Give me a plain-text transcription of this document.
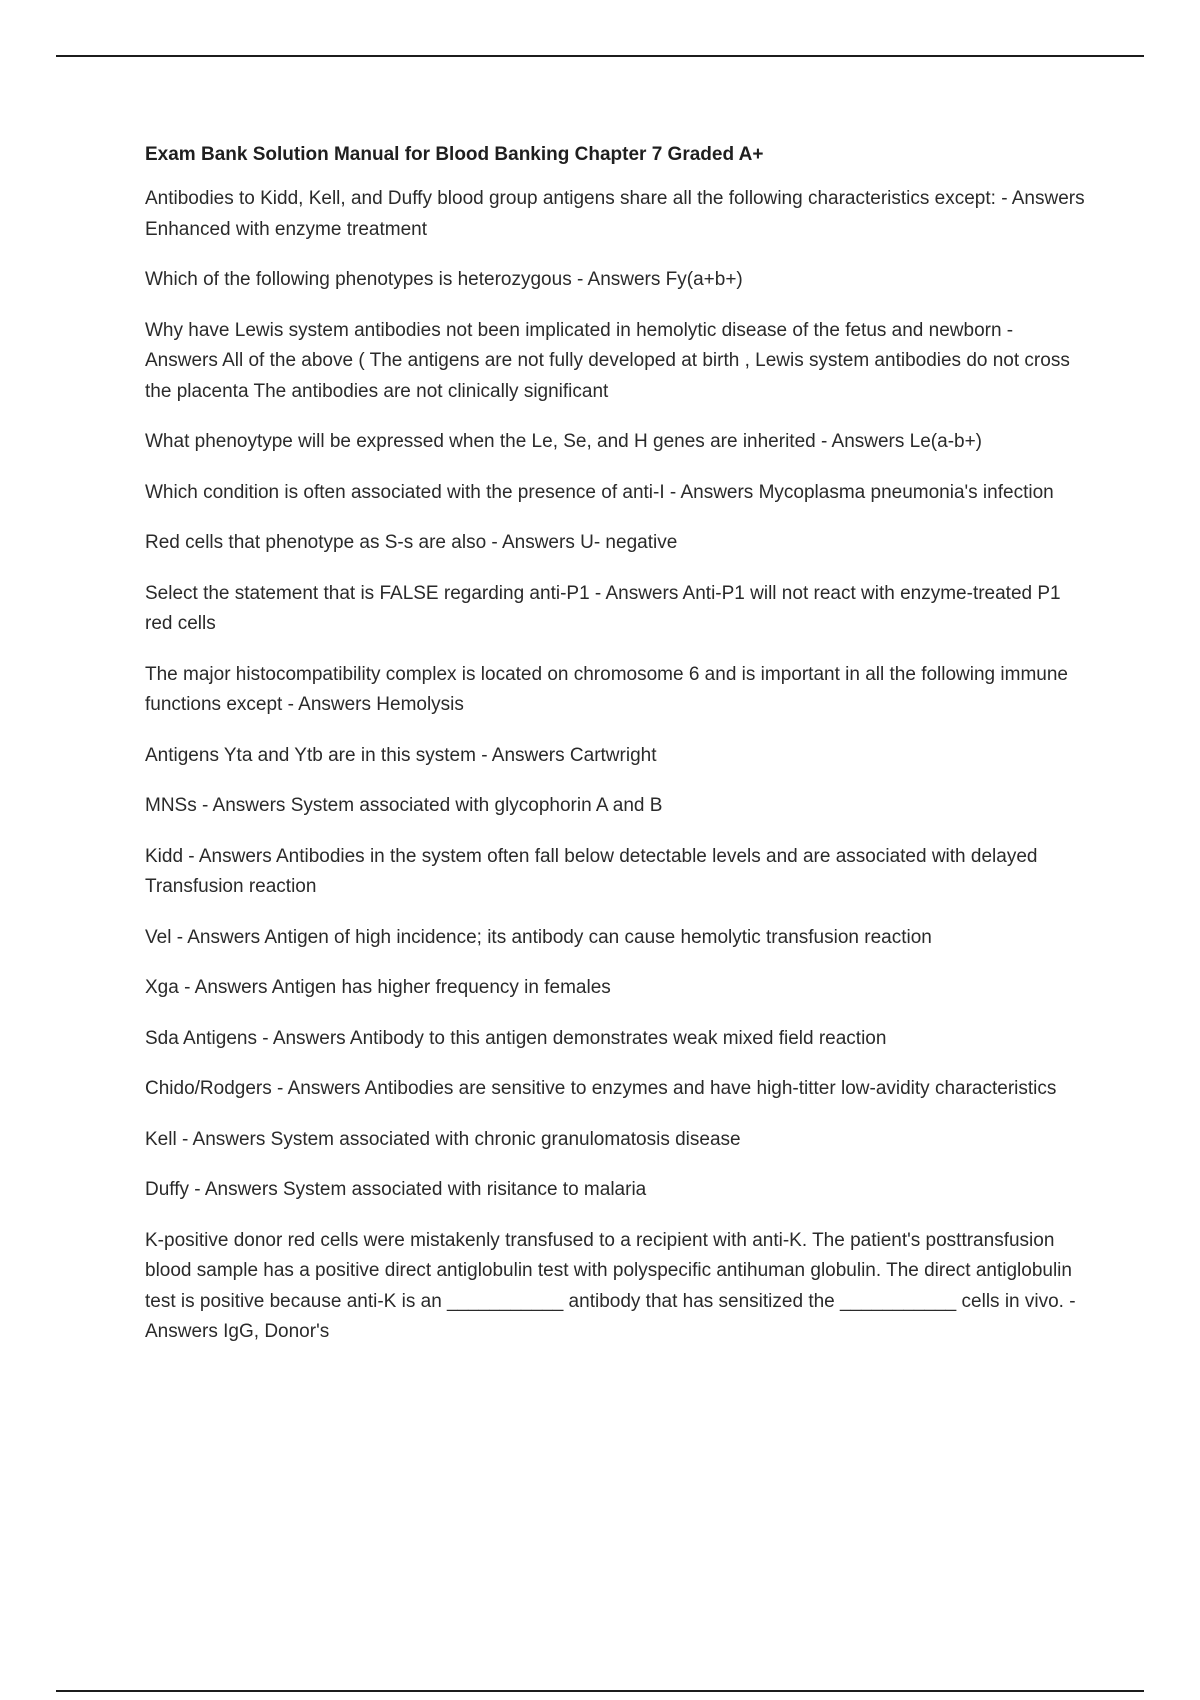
Exam Bank Solution Manual for Blood Banking Chapter 7 Graded A+
Antibodies to Kidd, Kell, and Duffy blood group antigens share all the following characteristics except: - Answers Enhanced with enzyme treatment
Which of the following phenotypes is heterozygous - Answers Fy(a+b+)
Why have Lewis system antibodies not been implicated in hemolytic disease of the fetus and newborn - Answers All of the above ( The antigens are not fully developed at birth , Lewis system antibodies do not cross the placenta The antibodies are not clinically significant
What phenoytype will be expressed when the Le, Se, and H genes are inherited - Answers Le(a-b+)
Which condition is often associated with the presence of anti-I - Answers Mycoplasma pneumonia's infection
Red cells that phenotype as S-s are also - Answers U- negative
Select the statement that is FALSE regarding anti-P1 - Answers Anti-P1 will not react with enzyme-treated P1 red cells
The major histocompatibility complex is located on chromosome 6 and is important in all the following immune functions except - Answers Hemolysis
Antigens Yta and Ytb are in this system - Answers Cartwright
MNSs - Answers System associated with glycophorin A and B
Kidd - Answers Antibodies in the system often fall below detectable levels and are associated with delayed Transfusion reaction
Vel - Answers Antigen of high incidence; its antibody can cause hemolytic transfusion reaction
Xga - Answers Antigen has higher frequency in females
Sda Antigens - Answers Antibody to this antigen demonstrates weak mixed field reaction
Chido/Rodgers - Answers Antibodies are sensitive to enzymes and have high-titter low-avidity characteristics
Kell - Answers System associated with chronic granulomatosis disease
Duffy - Answers System associated with risitance to malaria
K-positive donor red cells were mistakenly transfused to a recipient with anti-K. The patient's posttransfusion blood sample has a positive direct antiglobulin test with polyspecific antihuman globulin. The direct antiglobulin test is positive because anti-K is an ___________ antibody that has sensitized the ___________ cells in vivo. - Answers IgG, Donor's
